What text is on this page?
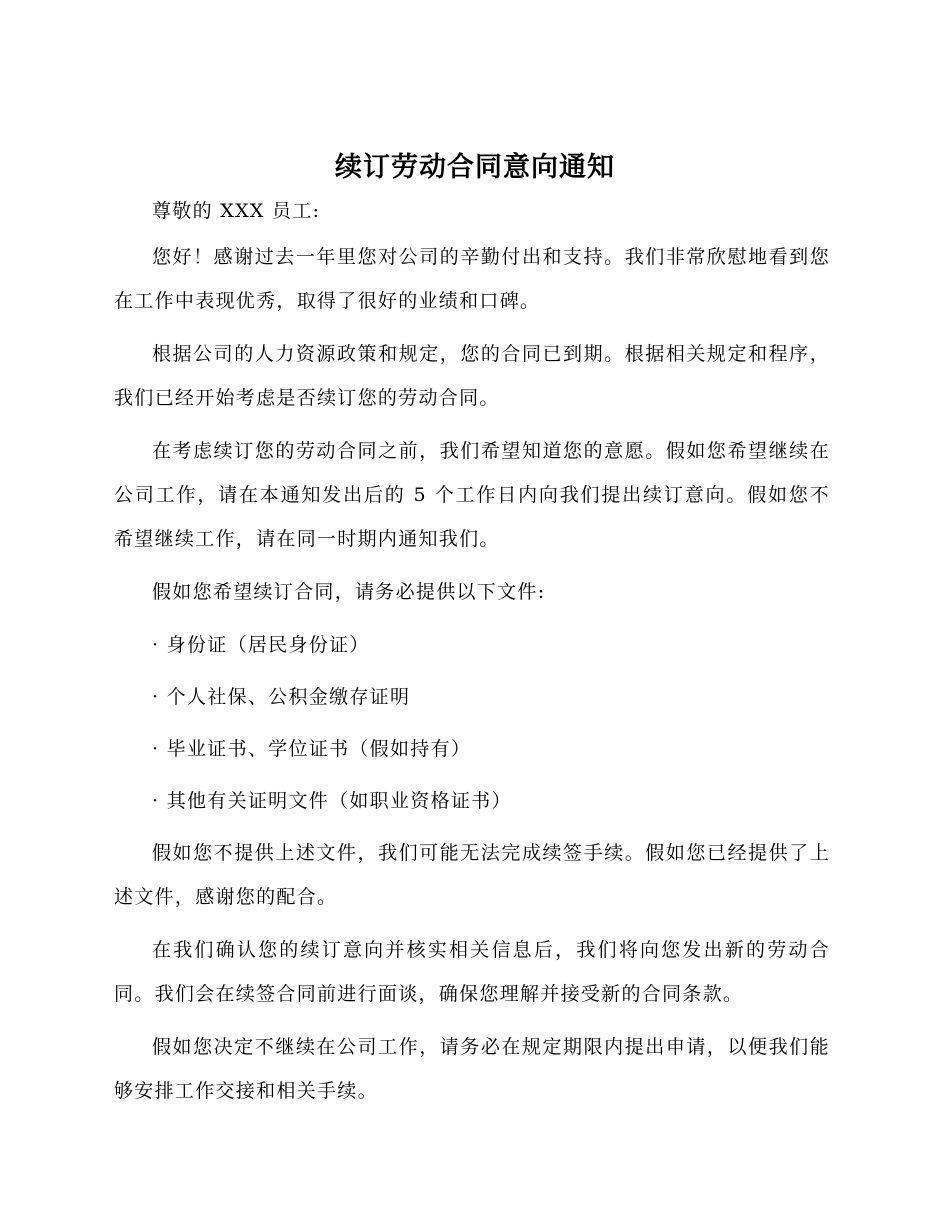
续订劳动合同意向通知

尊敬的 XXX 员工:

您好！感谢过去一年里您对公司的辛勤付出和支持。我们非常欣慰地看到您在工作中表现优秀，取得了很好的业绩和口碑。

根据公司的人力资源政策和规定，您的合同已到期。根据相关规定和程序，我们已经开始考虑是否续订您的劳动合同。

在考虑续订您的劳动合同之前，我们希望知道您的意愿。假如您希望继续在公司工作，请在本通知发出后的 5 个工作日内向我们提出续订意向。假如您不希望继续工作，请在同一时期内通知我们。

假如您希望续订合同，请务必提供以下文件:

· 身份证（居民身份证）

· 个人社保、公积金缴存证明

· 毕业证书、学位证书（假如持有）

· 其他有关证明文件（如职业资格证书）

假如您不提供上述文件，我们可能无法完成续签手续。假如您已经提供了上述文件，感谢您的配合。

在我们确认您的续订意向并核实相关信息后，我们将向您发出新的劳动合同。我们会在续签合同前进行面谈，确保您理解并接受新的合同条款。

假如您决定不继续在公司工作，请务必在规定期限内提出申请，以便我们能够安排工作交接和相关手续。
